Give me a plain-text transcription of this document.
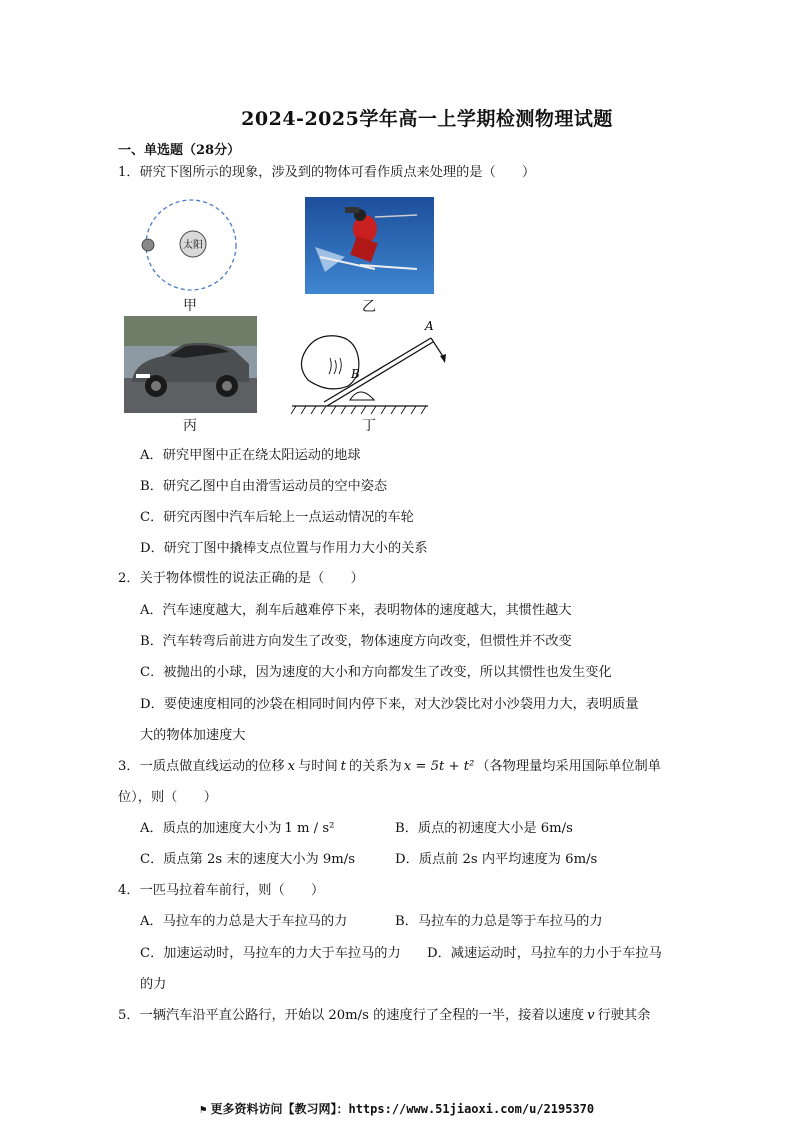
2024-2025学年高一上学期检测物理试题
一、单选题（28分）
1．研究下图所示的现象，涉及到的物体可看作质点来处理的是（　　）
太阳
甲	乙
丙
A
B
丁
A．研究甲图中正在绕太阳运动的地球
B．研究乙图中自由滑雪运动员的空中姿态
C．研究丙图中汽车后轮上一点运动情况的车轮
D．研究丁图中撬棒支点位置与作用力大小的关系
2．关于物体惯性的说法正确的是（　　）
A．汽车速度越大，刹车后越难停下来，表明物体的速度越大，其惯性越大
B．汽车转弯后前进方向发生了改变，物体速度方向改变，但惯性并不改变
C．被抛出的小球，因为速度的大小和方向都发生了改变，所以其惯性也发生变化
D．要使速度相同的沙袋在相同时间内停下来，对大沙袋比对小沙袋用力大，表明质量
大的物体加速度大
3．一质点做直线运动的位移 x 与时间 t 的关系为 x = 5t + t² （各物理量均采用国际单位制单
位），则（　　）
A．质点的加速度大小为 1 m / s²	B．质点的初速度大小是 6m/s
C．质点第 2s 末的速度大小为 9m/s	D．质点前 2s 内平均速度为 6m/s
4．一匹马拉着车前行，则（　　）
A．马拉车的力总是大于车拉马的力	B．马拉车的力总是等于车拉马的力
C．加速运动时，马拉车的力大于车拉马的力 D．减速运动时，马拉车的力小于车拉马
的力
5．一辆汽车沿平直公路行，开始以 20m/s 的速度行了全程的一半，接着以速度 v 行驶其余
⚑ 更多资料访问【教习网】：https://www.51jiaoxi.com/u/2195370
